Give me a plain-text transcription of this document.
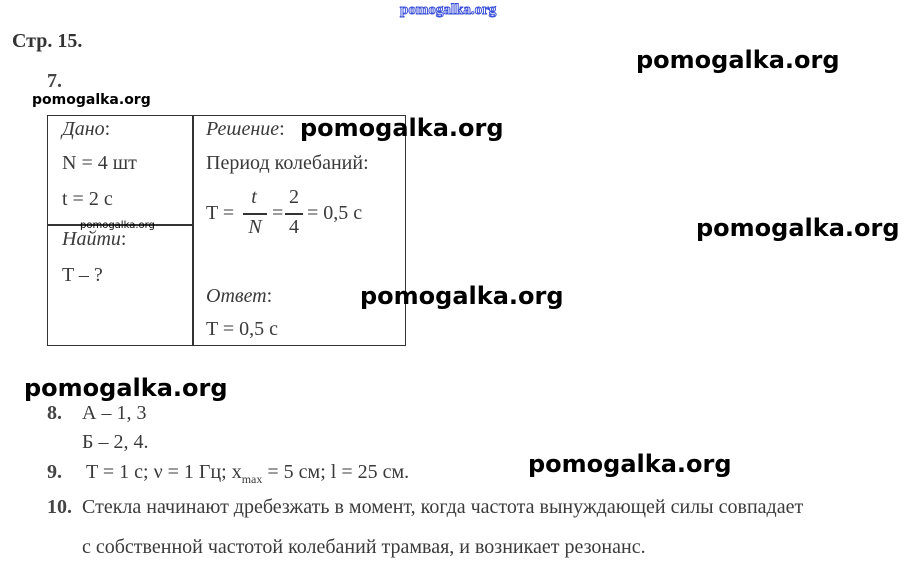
pomogalka.org
Стр. 15.
7.
Дано:
N = 4 шт
t = 2 с
Найти:
T – ?
Решение:
Период колебаний:
T =
t
N
=
2
4
= 0,5 с
Ответ:
T = 0,5 с
8. А – 1, 3
Б – 2, 4.
9. T = 1 с; ν = 1 Гц; $x_{max} = 5$ см; l = 25 см.
10. Стекла начинают дребезжать в момент, когда частота вынуждающей силы совпадает
с собственной частотой колебаний трамвая, и возникает резонанс.
pomogalka.org
pomogalka.org
pomogalka.org
pomogalka.org	pomogalka.org
pomogalka.org
pomogalka.org
pomogalka.org
